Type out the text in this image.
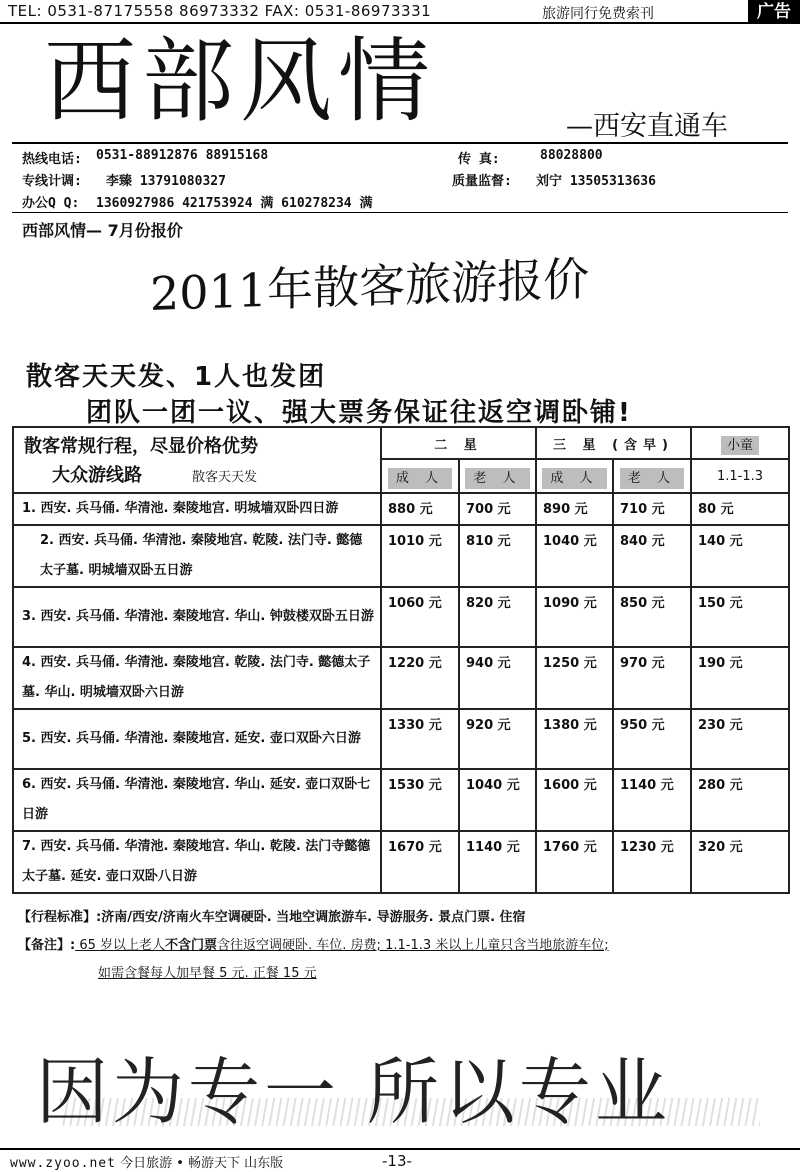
TEL: 0531-87175558 86973332 FAX: 0531-86973331	旅游同行免费索刊	广告
西部风情	—西安直通车
热线电话: 0531-88912876 88915168	传 真:	88028800
专线计调: 李臻 13791080327	质量监督: 刘宁 13505313636
办公Q Q: 1360927986 421753924 满 610278234 满
西部风情— 7月份报价
2011年散客旅游报价
散客天天发、1人也发团
团队一团一议、强大票务保证往返空调卧铺!
散客常规行程，尽显价格优势
大众游线路 散客天天发	二 星		三 星 (含早)		小童
	成 人	老 人	成 人	老 人	1.1-1.3
1. 西安. 兵马俑. 华清池. 秦陵地宫. 明城墙双卧四日游	880 元	700 元	890 元	710 元	80 元
2. 西安. 兵马俑. 华清池. 秦陵地宫. 乾陵. 法门寺. 懿德太子墓. 明城墙双卧五日游	1010 元	810 元	1040 元	840 元	140 元
3. 西安. 兵马俑. 华清池. 秦陵地宫. 华山. 钟鼓楼双卧五日游	1060 元	820 元	1090 元	850 元	150 元
4. 西安. 兵马俑. 华清池. 秦陵地宫. 乾陵. 法门寺. 懿德太子墓. 华山. 明城墙双卧六日游	1220 元	940 元	1250 元	970 元	190 元
5. 西安. 兵马俑. 华清池. 秦陵地宫. 延安. 壶口双卧六日游	1330 元	920 元	1380 元	950 元	230 元
6. 西安. 兵马俑. 华清池. 秦陵地宫. 华山. 延安. 壶口双卧七日游	1530 元	1040 元	1600 元	1140 元	280 元
7. 西安. 兵马俑. 华清池. 秦陵地宫. 华山. 乾陵. 法门寺懿德太子墓. 延安. 壶口双卧八日游	1670 元	1140 元	1760 元	1230 元	320 元
【行程标准】:济南/西安/济南火车空调硬卧. 当地空调旅游车. 导游服务. 景点门票. 住宿
【备注】: 65 岁以上老人不含门票含往返空调硬卧. 车位. 房费; 1.1-1.3 米以上儿童只含当地旅游车位;
如需含餐每人加早餐 5 元. 正餐 15 元
因为专一 所以专业
www.zyoo.net 今日旅游 • 畅游天下 山东版	-13-
